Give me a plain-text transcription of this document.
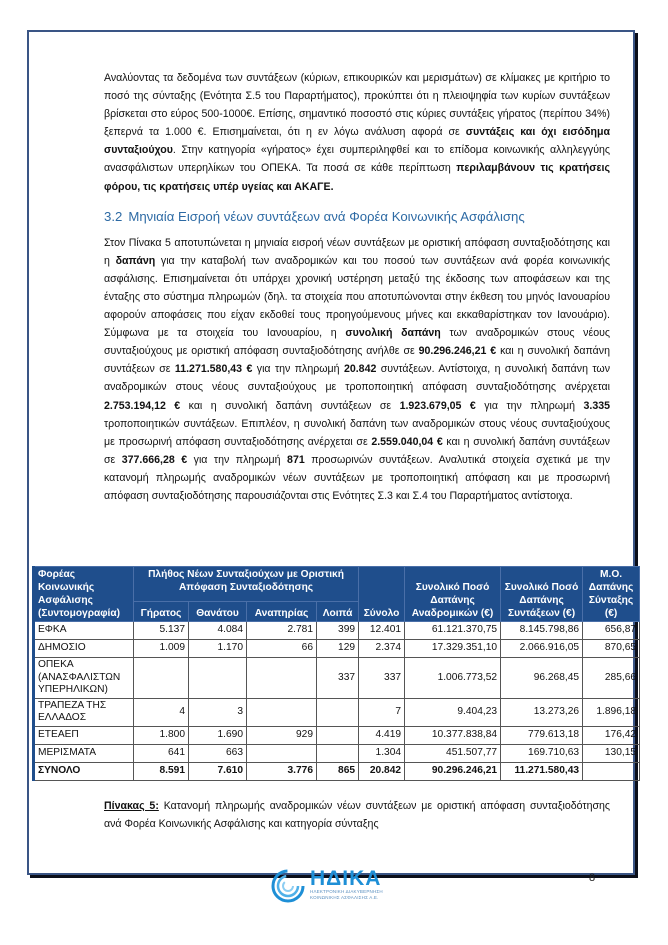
Αναλύοντας τα δεδομένα των συντάξεων (κύριων, επικουρικών και μερισμάτων) σε κλίμακες με κριτήριο το ποσό της σύνταξης (Ενότητα Σ.5 του Παραρτήματος), προκύπτει ότι η πλειοψηφία των κυρίων συντάξεων βρίσκεται στο εύρος 500-1000€. Επίσης, σημαντικό ποσοστό στις κύριες συντάξεις γήρατος (περίπου 34%) ξεπερνά τα 1.000 €. Επισημαίνεται, ότι η εν λόγω ανάλυση αφορά σε συντάξεις και όχι εισόδημα συνταξιούχου. Στην κατηγορία «γήρατος» έχει συμπεριληφθεί και το επίδομα κοινωνικής αλληλεγγύης ανασφάλιστων υπερηλίκων του ΟΠΕΚΑ. Τα ποσά σε κάθε περίπτωση περιλαμβάνουν τις κρατήσεις φόρου, τις κρατήσεις υπέρ υγείας και ΑΚΑΓΕ.

3.2 Μηνιαία Εισροή νέων συντάξεων ανά Φορέα Κοινωνικής Ασφάλισης

Στον Πίνακα 5 αποτυπώνεται η μηνιαία εισροή νέων συντάξεων με οριστική απόφαση συνταξιοδότησης και η δαπάνη για την καταβολή των αναδρομικών και του ποσού των συντάξεων ανά φορέα κοινωνικής ασφάλισης. Επισημαίνεται ότι υπάρχει χρονική υστέρηση μεταξύ της έκδοσης των αποφάσεων και της ένταξης στο σύστημα πληρωμών (δηλ. τα στοιχεία που αποτυπώνονται στην έκθεση του μηνός Ιανουαρίου αφορούν αποφάσεις που είχαν εκδοθεί τους προηγούμενους μήνες και εκκαθαρίστηκαν τον Ιανουάριο). Σύμφωνα με τα στοιχεία του Ιανουαρίου, η συνολική δαπάνη των αναδρομικών στους νέους συνταξιούχους με οριστική απόφαση συνταξιοδότησης ανήλθε σε 90.296.246,21 € και η συνολική δαπάνη συντάξεων σε 11.271.580,43 € για την πληρωμή 20.842 συντάξεων. Αντίστοιχα, η συνολική δαπάνη των αναδρομικών στους νέους συνταξιούχους με τροποποιητική απόφαση συνταξιοδότησης ανέρχεται 2.753.194,12 € και η συνολική δαπάνη συντάξεων σε 1.923.679,05 € για την πληρωμή 3.335 τροποποιητικών συντάξεων. Επιπλέον, η συνολική δαπάνη των αναδρομικών στους νέους συνταξιούχους με προσωρινή απόφαση συνταξιοδότησης ανέρχεται σε 2.559.040,04 € και η συνολική δαπάνη συντάξεων σε 377.666,28 € για την πληρωμή 871 προσωρινών συντάξεων. Αναλυτικά στοιχεία σχετικά με την κατανομή πληρωμής αναδρομικών νέων συντάξεων με τροποποιητική απόφαση και με προσωρινή απόφαση συνταξιοδότησης παρουσιάζονται στις Ενότητες Σ.3 και Σ.4 του Παραρτήματος αντίστοιχα.

Φορέας Κοινωνικής Ασφάλισης (Συντομογραφία)	Πλήθος Νέων Συνταξιούχων με Οριστική Απόφαση Συνταξιοδότησης				Σύνολο	Συνολικό Ποσό Δαπάνης Αναδρομικών (€)	Συνολικό Ποσό Δαπάνης Συντάξεων (€)	Μ.Ο. Δαπάνης Σύνταξης (€)
	Γήρατος	Θανάτου	Αναπηρίας	Λοιπά				
ΕΦΚΑ	5.137	4.084	2.781	399	12.401	61.121.370,75	8.145.798,86	656,87
ΔΗΜΟΣΙΟ	1.009	1.170	66	129	2.374	17.329.351,10	2.066.916,05	870,65
ΟΠΕΚΑ (ΑΝΑΣΦΑΛΙΣΤΩΝ ΥΠΕΡΗΛΙΚΩΝ)				337	337	1.006.773,52	96.268,45	285,66
ΤΡΑΠΕΖΑ ΤΗΣ ΕΛΛΑΔΟΣ	4	3			7	9.404,23	13.273,26	1.896,18
ΕΤΕΑΕΠ	1.800	1.690	929		4.419	10.377.838,84	779.613,18	176,42
ΜΕΡΙΣΜΑΤΑ	641	663			1.304	451.507,77	169.710,63	130,15
ΣΥΝΟΛΟ	8.591	7.610	3.776	865	20.842	90.296.246,21	11.271.580,43	
Πίνακας 5: Κατανομή πληρωμής αναδρομικών νέων συντάξεων με οριστική απόφαση συνταξιοδότησης ανά Φορέα Κοινωνικής Ασφάλισης και κατηγορία σύνταξης
ΗΔΙΚΑ
ΗΛΕΚΤΡΟΝΙΚΗ ΔΙΑΚΥΒΕΡΝΗΣΗ
ΚΟΙΝΩΝΙΚΗΣ ΑΣΦΑΛΙΣΗΣ Α.Ε.
8
